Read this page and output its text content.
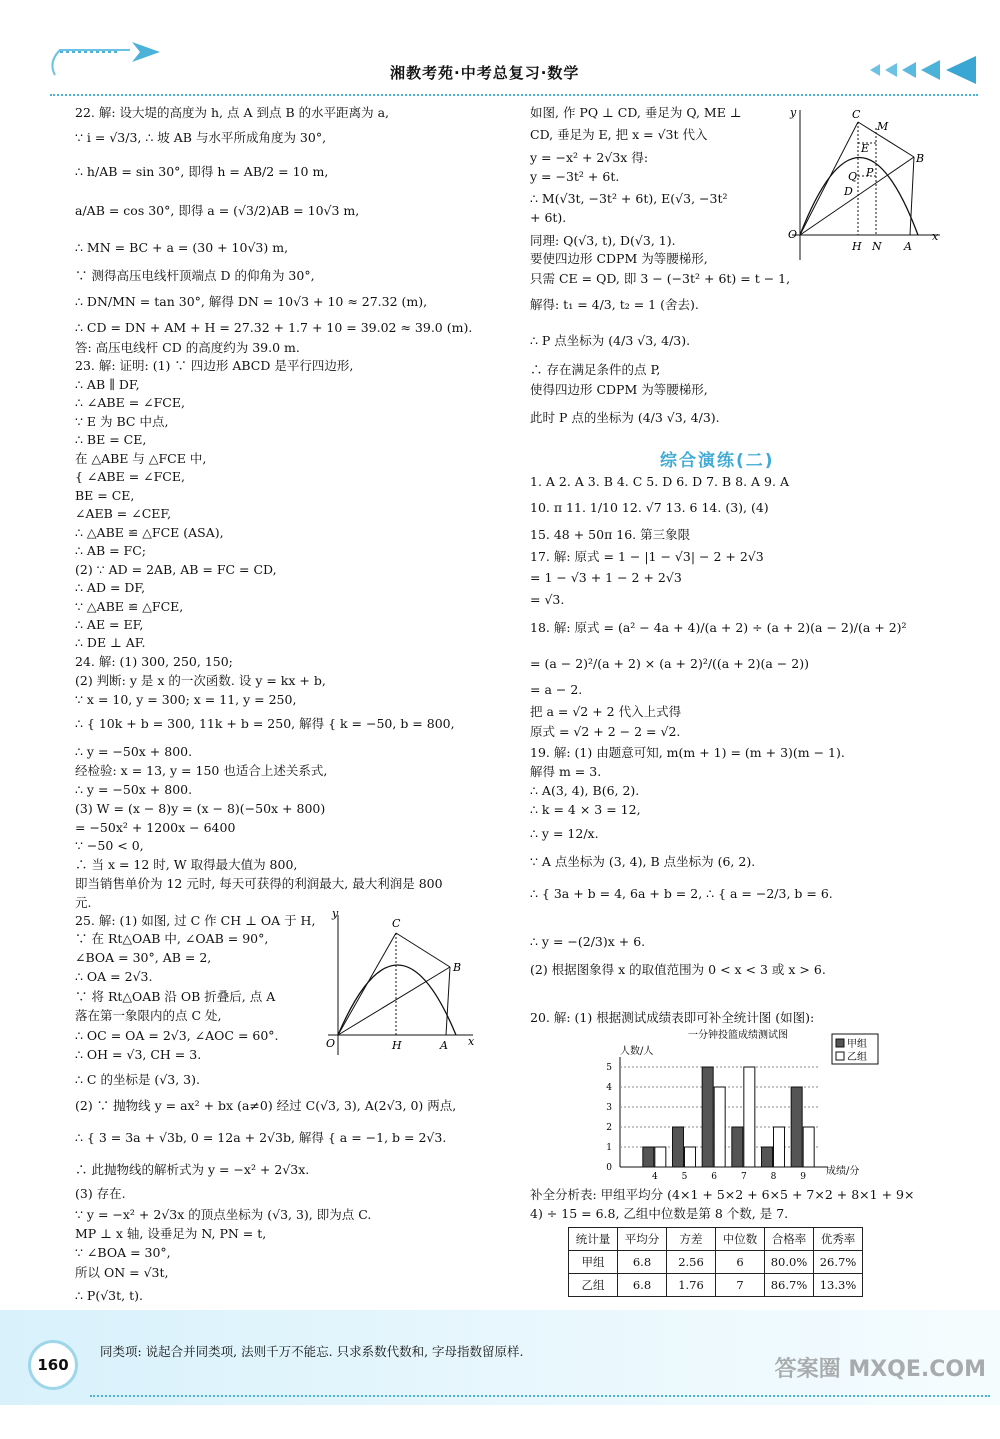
湘教考苑·中考总复习·数学
22. 解: 设大堤的高度为 h, 点 A 到点 B 的水平距离为 a,
∵ i = √3/3, ∴ 坡 AB 与水平所成角度为 30°,
∴ h/AB = sin 30°, 即得 h = AB/2 = 10 m,
a/AB = cos 30°, 即得 a = (√3/2)AB = 10√3 m,
∴ MN = BC + a = (30 + 10√3) m,
∵ 测得高压电线杆顶端点 D 的仰角为 30°,
∴ DN/MN = tan 30°, 解得 DN = 10√3 + 10 ≈ 27.32 (m),
∴ CD = DN + AM + H = 27.32 + 1.7 + 10 = 39.02 ≈ 39.0 (m).
答: 高压电线杆 CD 的高度约为 39.0 m.
23. 解: 证明: (1) ∵ 四边形 ABCD 是平行四边形,
∴ AB ∥ DF,
∴ ∠ABE = ∠FCE,
∵ E 为 BC 中点,
∴ BE = CE,
在 △ABE 与 △FCE 中,
{ ∠ABE = ∠FCE,
BE = CE,
∠AEB = ∠CEF,
∴ △ABE ≌ △FCE (ASA),
∴ AB = FC;
(2) ∵ AD = 2AB, AB = FC = CD,
∴ AD = DF,
∵ △ABE ≌ △FCE,
∴ AE = EF,
∴ DE ⊥ AF.
24. 解: (1) 300, 250, 150;
(2) 判断: y 是 x 的一次函数. 设 y = kx + b,
∵ x = 10, y = 300; x = 11, y = 250,
∴ { 10k + b = 300, 11k + b = 250, 解得 { k = −50, b = 800,
∴ y = −50x + 800.
经检验: x = 13, y = 150 也适合上述关系式,
∴ y = −50x + 800.
(3) W = (x − 8)y = (x − 8)(−50x + 800)
= −50x² + 1200x − 6400
∵ −50 < 0,
∴ 当 x = 12 时, W 取得最大值为 800,
即当销售单价为 12 元时, 每天可获得的利润最大, 最大利润是 800
元.
25. 解: (1) 如图, 过 C 作 CH ⊥ OA 于 H,
∵ 在 Rt△OAB 中, ∠OAB = 90°,
∠BOA = 30°, AB = 2,
∴ OA = 2√3.
∵ 将 Rt△OAB 沿 OB 折叠后, 点 A
落在第一象限内的点 C 处,
∴ OC = OA = 2√3, ∠AOC = 60°.
∴ OH = √3, CH = 3.
∴ C 的坐标是 (√3, 3).
(2) ∵ 抛物线 y = ax² + bx (a≠0) 经过 C(√3, 3), A(2√3, 0) 两点,
∴ { 3 = 3a + √3b, 0 = 12a + 2√3b, 解得 { a = −1, b = 2√3.
∴ 此抛物线的解析式为 y = −x² + 2√3x.
(3) 存在.
∵ y = −x² + 2√3x 的顶点坐标为 (√3, 3), 即为点 C.
MP ⊥ x 轴, 设垂足为 N, PN = t,
∵ ∠BOA = 30°,
所以 ON = √3t,
∴ P(√3t, t).
y
x
O
C
B
H	A
如图, 作 PQ ⊥ CD, 垂足为 Q, ME ⊥
CD, 垂足为 E, 把 x = √3t 代入
y = −x² + 2√3x 得:
y = −3t² + 6t.
∴ M(√3t, −3t² + 6t), E(√3, −3t²
+ 6t).
同理: Q(√3, t), D(√3, 1).
要使四边形 CDPM 为等腰梯形,
只需 CE = QD, 即 3 − (−3t² + 6t) = t − 1,
解得: t₁ = 4/3, t₂ = 1 (舍去).
∴ P 点坐标为 (4/3 √3, 4/3).
∴ 存在满足条件的点 P,
使得四边形 CDPM 为等腰梯形,
此时 P 点的坐标为 (4/3 √3, 4/3).
综合演练(二)
1. A 2. A 3. B 4. C 5. D 6. D 7. B 8. A 9. A
10. π 11. 1/10 12. √7 13. 6 14. (3), (4)
15. 48 + 50π 16. 第三象限
17. 解: 原式 = 1 − |1 − √3| − 2 + 2√3
= 1 − √3 + 1 − 2 + 2√3
= √3.
18. 解: 原式 = (a² − 4a + 4)/(a + 2) ÷ (a + 2)(a − 2)/(a + 2)²
= (a − 2)²/(a + 2) × (a + 2)²/((a + 2)(a − 2))
= a − 2.
把 a = √2 + 2 代入上式得
原式 = √2 + 2 − 2 = √2.
19. 解: (1) 由题意可知, m(m + 1) = (m + 3)(m − 1).
解得 m = 3.
∴ A(3, 4), B(6, 2).
∴ k = 4 × 3 = 12,
∴ y = 12/x.
∵ A 点坐标为 (3, 4), B 点坐标为 (6, 2).
∴ { 3a + b = 4, 6a + b = 2, ∴ { a = −2/3, b = 6.
∴ y = −(2/3)x + 6.
(2) 根据图象得 x 的取值范围为 0 < x < 3 或 x > 6.
20. 解: (1) 根据测试成绩表即可补全统计图 (如图):
补全分析表: 甲组平均分 (4×1 + 5×2 + 6×5 + 7×2 + 8×1 + 9×
4) ÷ 15 = 6.8, 乙组中位数是第 8 个数, 是 7.
y
x
O
C
M
E
Q P
D
B
H N A
一分钟投篮成绩测试图
人数/人
成绩/分
0
1
2
3
4
5
4	5	6	7	8	9
甲组
乙组
统计量	平均分	方差	中位数	合格率	优秀率
甲组	6.8	2.56	6	80.0%	26.7%
乙组	6.8	1.76	7	86.7%	13.3%
160
同类项: 说起合并同类项, 法则千万不能忘. 只求系数代数和, 字母指数留原样.
答案圈 MXQE.COM
